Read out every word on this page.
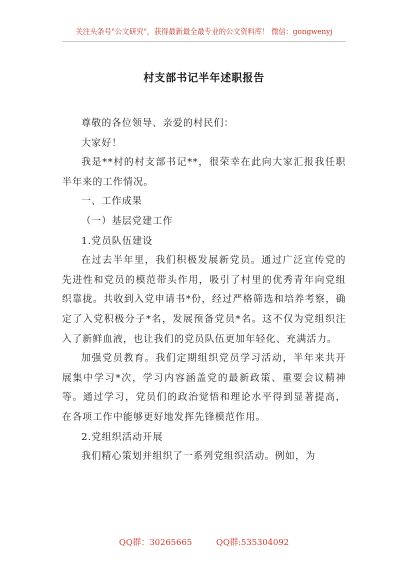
关注头条号"公文研究"，获得最新最全最专业的公文资料库！ 微信：gongwenyj
村支部书记半年述职报告

尊敬的各位领导、亲爱的村民们：

大家好！

我是**村的村支部书记**，很荣幸在此向大家汇报我任职半年来的工作情况。

一、工作成果

（一）基层党建工作

1.党员队伍建设

在过去半年里，我们积极发展新党员。通过广泛宣传党的先进性和党员的模范带头作用，吸引了村里的优秀青年向党组织靠拢。共收到入党申请书*份，经过严格筛选和培养考察，确定了入党积极分子*名，发展预备党员*名。这不仅为党组织注入了新鲜血液，也让我们的党员队伍更加年轻化、充满活力。

加强党员教育。我们定期组织党员学习活动，半年来共开展集中学习*次，学习内容涵盖党的最新政策、重要会议精神等。通过学习，党员们的政治觉悟和理论水平得到显著提高，在各项工作中能够更好地发挥先锋模范作用。

2.党组织活动开展

我们精心策划并组织了一系列党组织活动。例如，为

QQ群：30265665	QQ群:535304092
